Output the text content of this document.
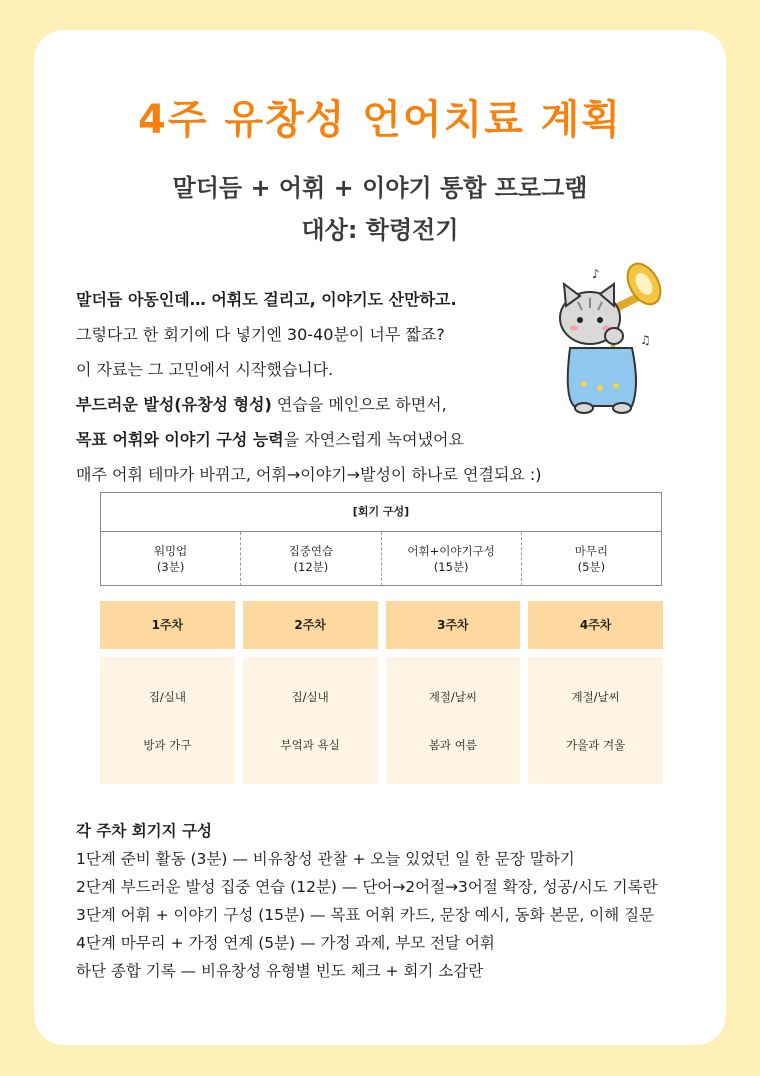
4주 유창성 언어치료 계획
말더듬 + 어휘 + 이야기 통합 프로그램
대상: 학령전기

말더듬 아동인데… 어휘도 걸리고, 이야기도 산만하고.

그렇다고 한 회기에 다 넣기엔 30-40분이 너무 짧죠?

이 자료는 그 고민에서 시작했습니다.

부드러운 발성(유창성 형성) 연습을 메인으로 하면서,

목표 어휘와 이야기 구성 능력을 자연스럽게 녹여냈어요

매주 어휘 테마가 바뀌고, 어휘→이야기→발성이 하나로 연결되요 :)

♪
♫
[회기 구성]
워밍업
(3분)
집중연습
(12분)
어휘+이야기구성
(15분)
마무리
(5분)
1주차
집/실내
방과 가구
2주차
집/실내
부엌과 욕실
3주차
계절/날씨
봄과 여름
4주차
계절/날씨
가을과 겨울

각 주차 회기지 구성

1단계 준비 활동 (3분) — 비유창성 관찰 + 오늘 있었던 일 한 문장 말하기

2단계 부드러운 발성 집중 연습 (12분) — 단어→2어절→3어절 확장, 성공/시도 기록란

3단계 어휘 + 이야기 구성 (15분) — 목표 어휘 카드, 문장 예시, 동화 본문, 이해 질문

4단계 마무리 + 가정 연계 (5분) — 가정 과제, 부모 전달 어휘

하단 종합 기록 — 비유창성 유형별 빈도 체크 + 회기 소감란
